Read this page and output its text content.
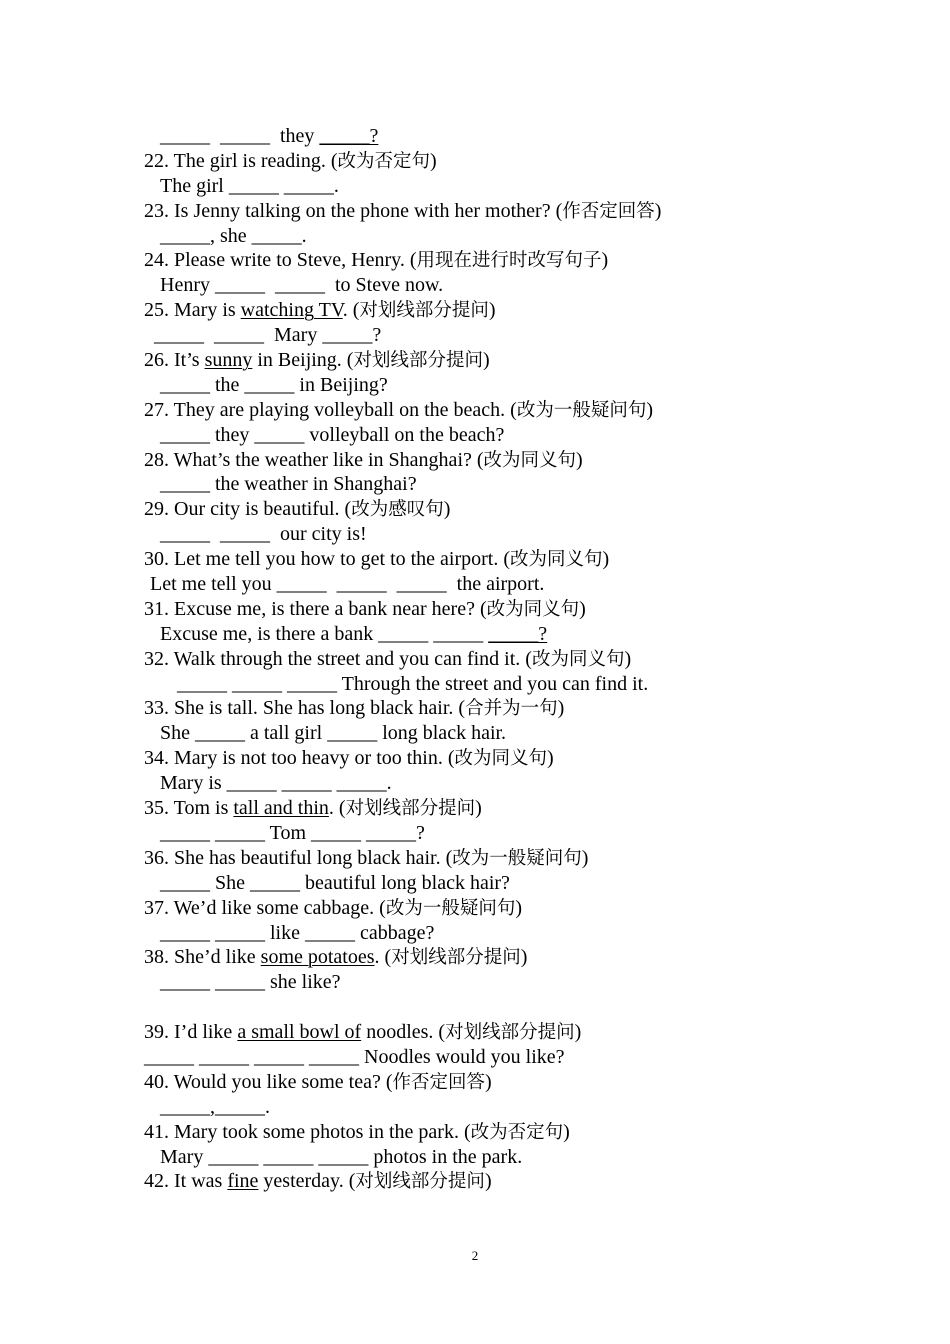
_____  _____  they _____?
22. The girl is reading. (改为否定句)
The girl _____ _____.
23. Is Jenny talking on the phone with her mother? (作否定回答)
_____, she _____.
24. Please write to Steve, Henry. (用现在进行时改写句子)
Henry _____  _____  to Steve now.
25. Mary is watching TV. (对划线部分提问)
_____  _____  Mary _____?
26. It’s sunny in Beijing. (对划线部分提问)
_____ the _____ in Beijing?
27. They are playing volleyball on the beach. (改为一般疑问句)
_____ they _____ volleyball on the beach?
28. What’s the weather like in Shanghai? (改为同义句)
_____ the weather in Shanghai?
29. Our city is beautiful. (改为感叹句)
_____  _____  our city is!
30. Let me tell you how to get to the airport. (改为同义句)
Let me tell you _____  _____  _____  the airport.
31. Excuse me, is there a bank near here? (改为同义句)
Excuse me, is there a bank _____ _____ _____?
32. Walk through the street and you can find it. (改为同义句)
_____ _____ _____ Through the street and you can find it.
33. She is tall. She has long black hair. (合并为一句)
She _____ a tall girl _____ long black hair.
34. Mary is not too heavy or too thin. (改为同义句)
Mary is _____ _____ _____.
35. Tom is tall and thin. (对划线部分提问)
_____ _____ Tom _____ _____?
36. She has beautiful long black hair. (改为一般疑问句)
_____ She _____ beautiful long black hair?
37. We’d like some cabbage. (改为一般疑问句)
_____ _____ like _____ cabbage?
38. She’d like some potatoes. (对划线部分提问)
_____ _____ she like?
39. I’d like a small bowl of noodles. (对划线部分提问)
_____ _____ _____ _____ Noodles would you like?
40. Would you like some tea? (作否定回答)
_____,_____.
41. Mary took some photos in the park. (改为否定句)
Mary _____ _____ _____ photos in the park.
42. It was fine yesterday. (对划线部分提问)
2
